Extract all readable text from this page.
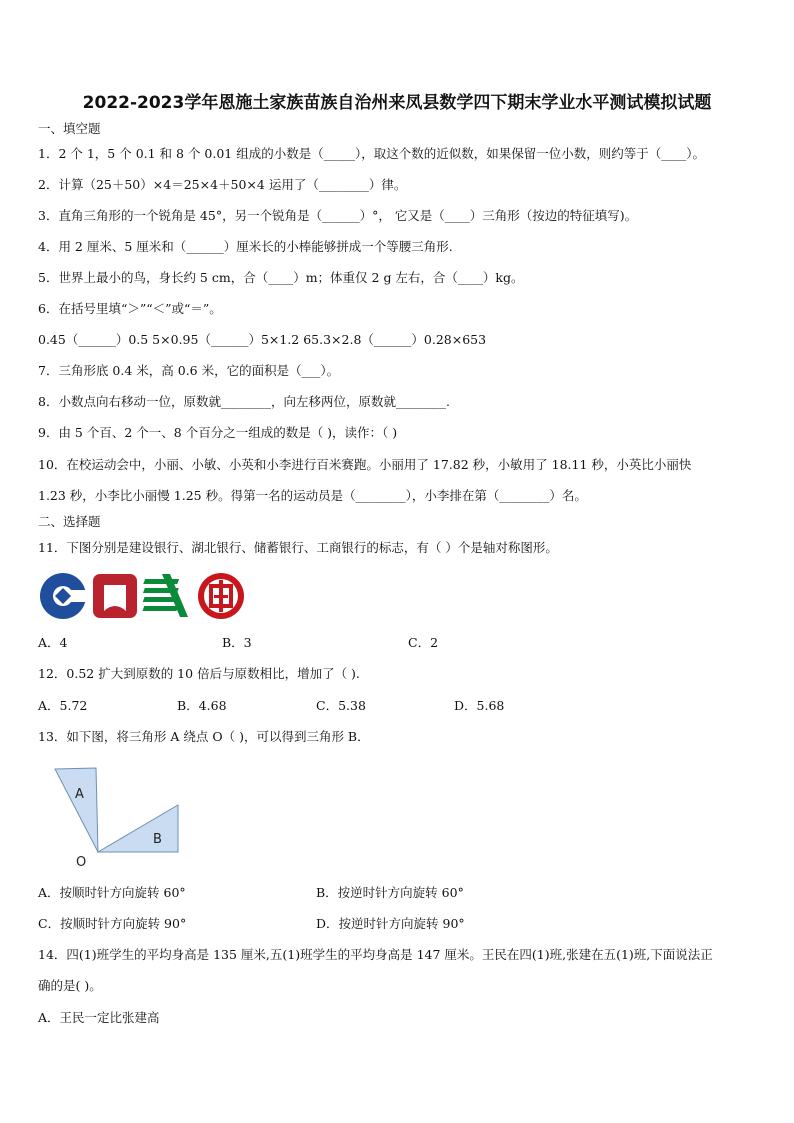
2022-2023学年恩施土家族苗族自治州来凤县数学四下期末学业水平测试模拟试题
一、填空题
1．2 个 1，5 个 0.1 和 8 个 0.01 组成的小数是（_____），取这个数的近似数，如果保留一位小数，则约等于（____）。
2．计算（25＋50）×4＝25×4＋50×4 运用了（________）律。
3．直角三角形的一个锐角是 45°，另一个锐角是（______）°， 它又是（____）三角形（按边的特征填写)。
4．用 2 厘米、5 厘米和（______）厘米长的小棒能够拼成一个等腰三角形.
5．世界上最小的鸟，身长约 5 cm，合（____）m；体重仅 2 g 左右，合（____）kg。
6．在括号里填“＞”“＜”或“＝”。
0.45（______）0.5 5×0.95（______）5×1.2 65.3×2.8（______）0.28×653
7．三角形底 0.4 米，高 0.6 米，它的面积是（___）。
8．小数点向右移动一位，原数就________，向左移两位，原数就________.
9．由 5 个百、2 个一、8 个百分之一组成的数是（ )，读作：（ )
10．在校运动会中，小丽、小敏、小英和小李进行百米赛跑。小丽用了 17.82 秒，小敏用了 18.11 秒，小英比小丽快
1.23 秒，小李比小丽慢 1.25 秒。得第一名的运动员是（________），小李排在第（________）名。
二、选择题
11．下图分别是建设银行、湖北银行、储蓄银行、工商银行的标志，有（ ）个是轴对称图形。
A．4	B．3	C．2
12．0.52 扩大到原数的 10 倍后与原数相比，增加了（ ).
A．5.72	B．4.68	C．5.38	D．5.68
13．如下图，将三角形 A 绕点 O（ )，可以得到三角形 B．
A
B
O
A．按顺时针方向旋转 60°	B．按逆时针方向旋转 60°
C．按顺时针方向旋转 90°	D．按逆时针方向旋转 90°
14．四(1)班学生的平均身高是 135 厘米,五(1)班学生的平均身高是 147 厘米。王民在四(1)班,张建在五(1)班,下面说法正
确的是( )。
A．王民一定比张建高
